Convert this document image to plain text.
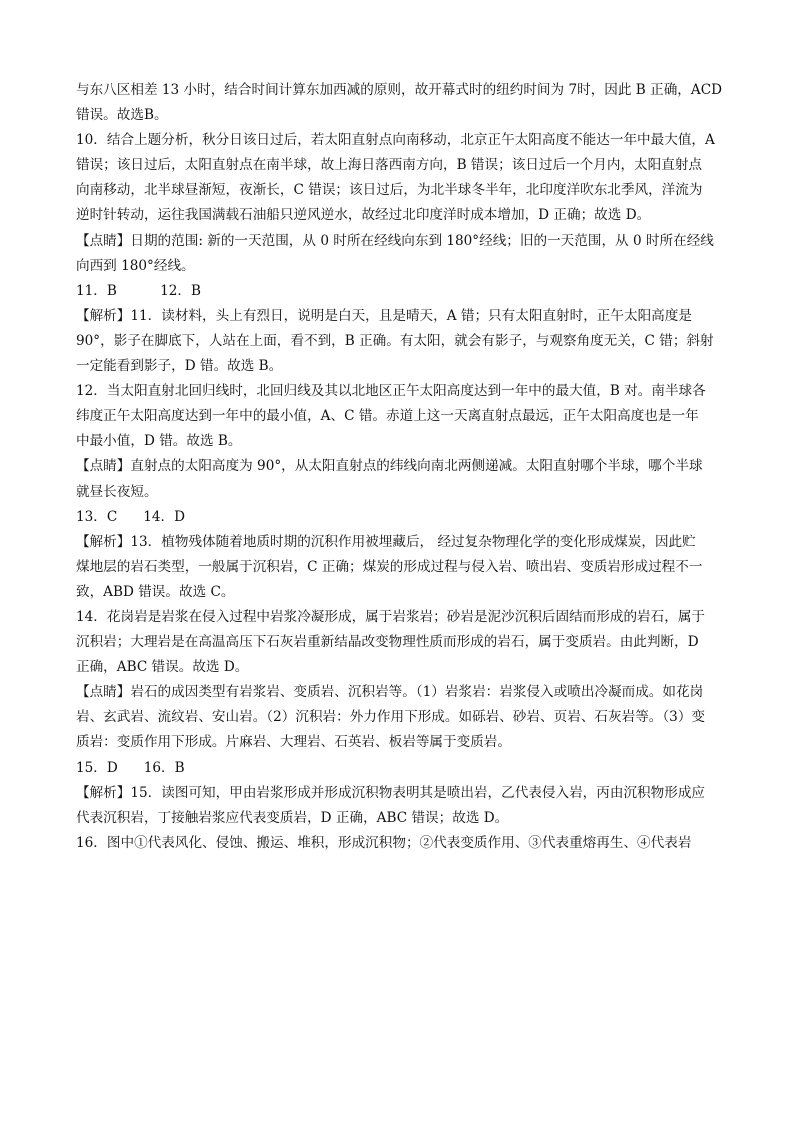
与东八区相差 13 小时，结合时间计算东加西减的原则，故开幕式时的纽约时间为 7时，因此 B 正确，ACD
错误。故选B。
10．结合上题分析，秋分日该日过后，若太阳直射点向南移动，北京正午太阳高度不能达一年中最大值，A
错误；该日过后，太阳直射点在南半球，故上海日落西南方向，B 错误；该日过后一个月内，太阳直射点
向南移动，北半球昼渐短，夜渐长，C 错误；该日过后，为北半球冬半年，北印度洋吹东北季风，洋流为
逆时针转动，运往我国满载石油船只逆风逆水，故经过北印度洋时成本增加，D 正确；故选 D。
【点睛】日期的范围: 新的一天范围，从 0 时所在经线向东到 180°经线；旧的一天范围，从 0 时所在经线
向西到 180°经线。
11．B          12．B
【解析】11．读材料，头上有烈日，说明是白天，且是晴天，A 错；只有太阳直射时，正午太阳高度是
90°，影子在脚底下，人站在上面，看不到，B 正确。有太阳，就会有影子，与观察角度无关，C 错；斜射
一定能看到影子，D 错。故选 B。
12．当太阳直射北回归线时，北回归线及其以北地区正午太阳高度达到一年中的最大值，B 对。南半球各
纬度正午太阳高度达到一年中的最小值，A、C 错。赤道上这一天离直射点最远，正午太阳高度也是一年
中最小值，D 错。故选 B。
【点睛】直射点的太阳高度为 90°，从太阳直射点的纬线向南北两侧递减。太阳直射哪个半球，哪个半球
就昼长夜短。
13．C      14．D
【解析】13．植物残体随着地质时期的沉积作用被埋藏后， 经过复杂物理化学的变化形成煤炭，因此贮
煤地层的岩石类型，一般属于沉积岩，C 正确；煤炭的形成过程与侵入岩、喷出岩、变质岩形成过程不一
致，ABD 错误。故选 C。
14．花岗岩是岩浆在侵入过程中岩浆冷凝形成，属于岩浆岩；砂岩是泥沙沉积后固结而形成的岩石，属于
沉积岩；大理岩是在高温高压下石灰岩重新结晶改变物理性质而形成的岩石，属于变质岩。由此判断，D
正确，ABC 错误。故选 D。
【点睛】岩石的成因类型有岩浆岩、变质岩、沉积岩等。（1）岩浆岩：岩浆侵入或喷出冷凝而成。如花岗
岩、玄武岩、流纹岩、安山岩。（2）沉积岩：外力作用下形成。如砾岩、砂岩、页岩、石灰岩等。（3）变
质岩：变质作用下形成。片麻岩、大理岩、石英岩、板岩等属于变质岩。
15．D      16．B
【解析】15．读图可知，甲由岩浆形成并形成沉积物表明其是喷出岩，乙代表侵入岩，丙由沉积物形成应
代表沉积岩，丁接触岩浆应代表变质岩，D 正确，ABC 错误；故选 D。
16．图中①代表风化、侵蚀、搬运、堆积，形成沉积物；②代表变质作用、③代表重熔再生、④代表岩
